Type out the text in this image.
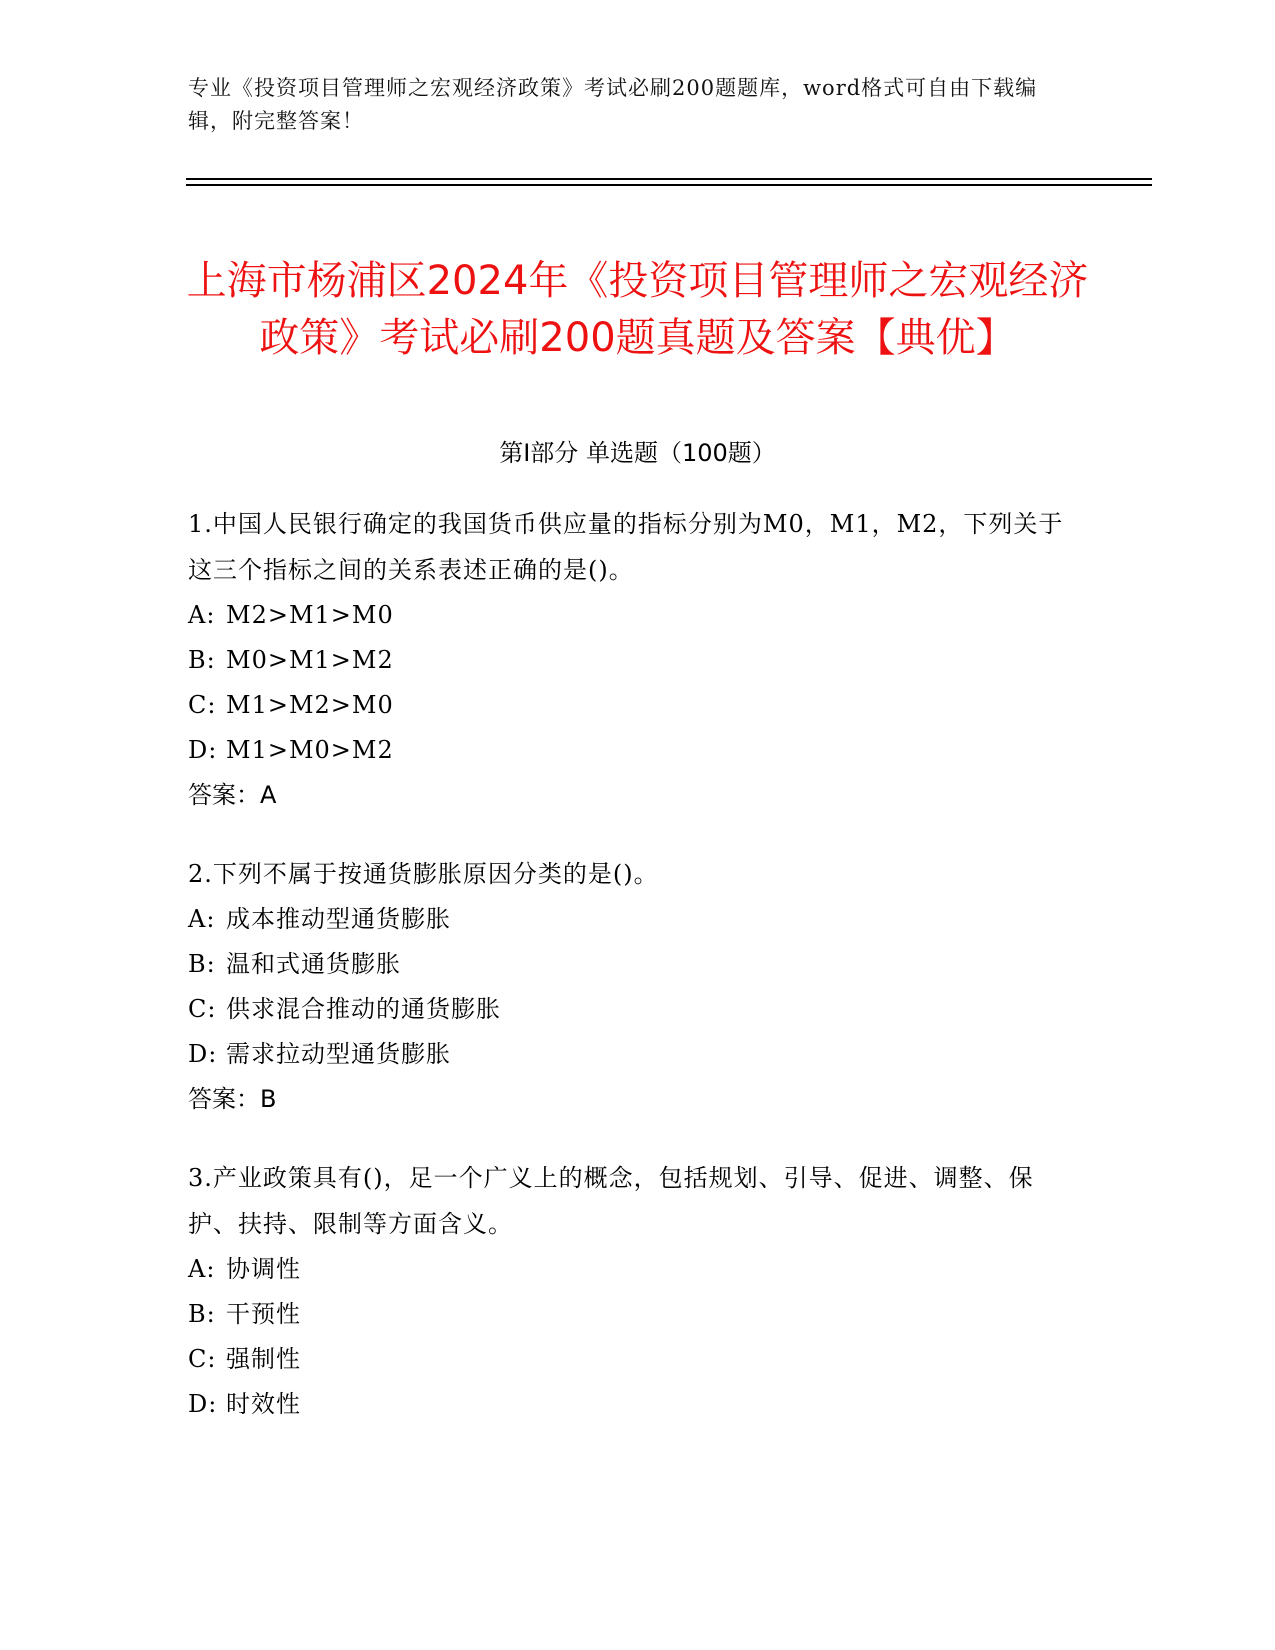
专业《投资项目管理师之宏观经济政策》考试必刷200题题库，word格式可自由下载编辑，附完整答案！
上海市杨浦区2024年《投资项目管理师之宏观经济政策》考试必刷200题真题及答案【典优】
第I部分 单选题（100题）

1.中国人民银行确定的我国货币供应量的指标分别为M0，M1，M2，下列关于这三个指标之间的关系表述正确的是()。

A: M2>M1>M0

B: M0>M1>M2

C: M1>M2>M0

D: M1>M0>M2

答案：A

2.下列不属于按通货膨胀原因分类的是()。

A: 成本推动型通货膨胀

B: 温和式通货膨胀

C: 供求混合推动的通货膨胀

D: 需求拉动型通货膨胀

答案：B

3.产业政策具有()，足一个广义上的概念，包括规划、引导、促进、调整、保护、扶持、限制等方面含义。

A: 协调性

B: 干预性

C: 强制性

D: 时效性
